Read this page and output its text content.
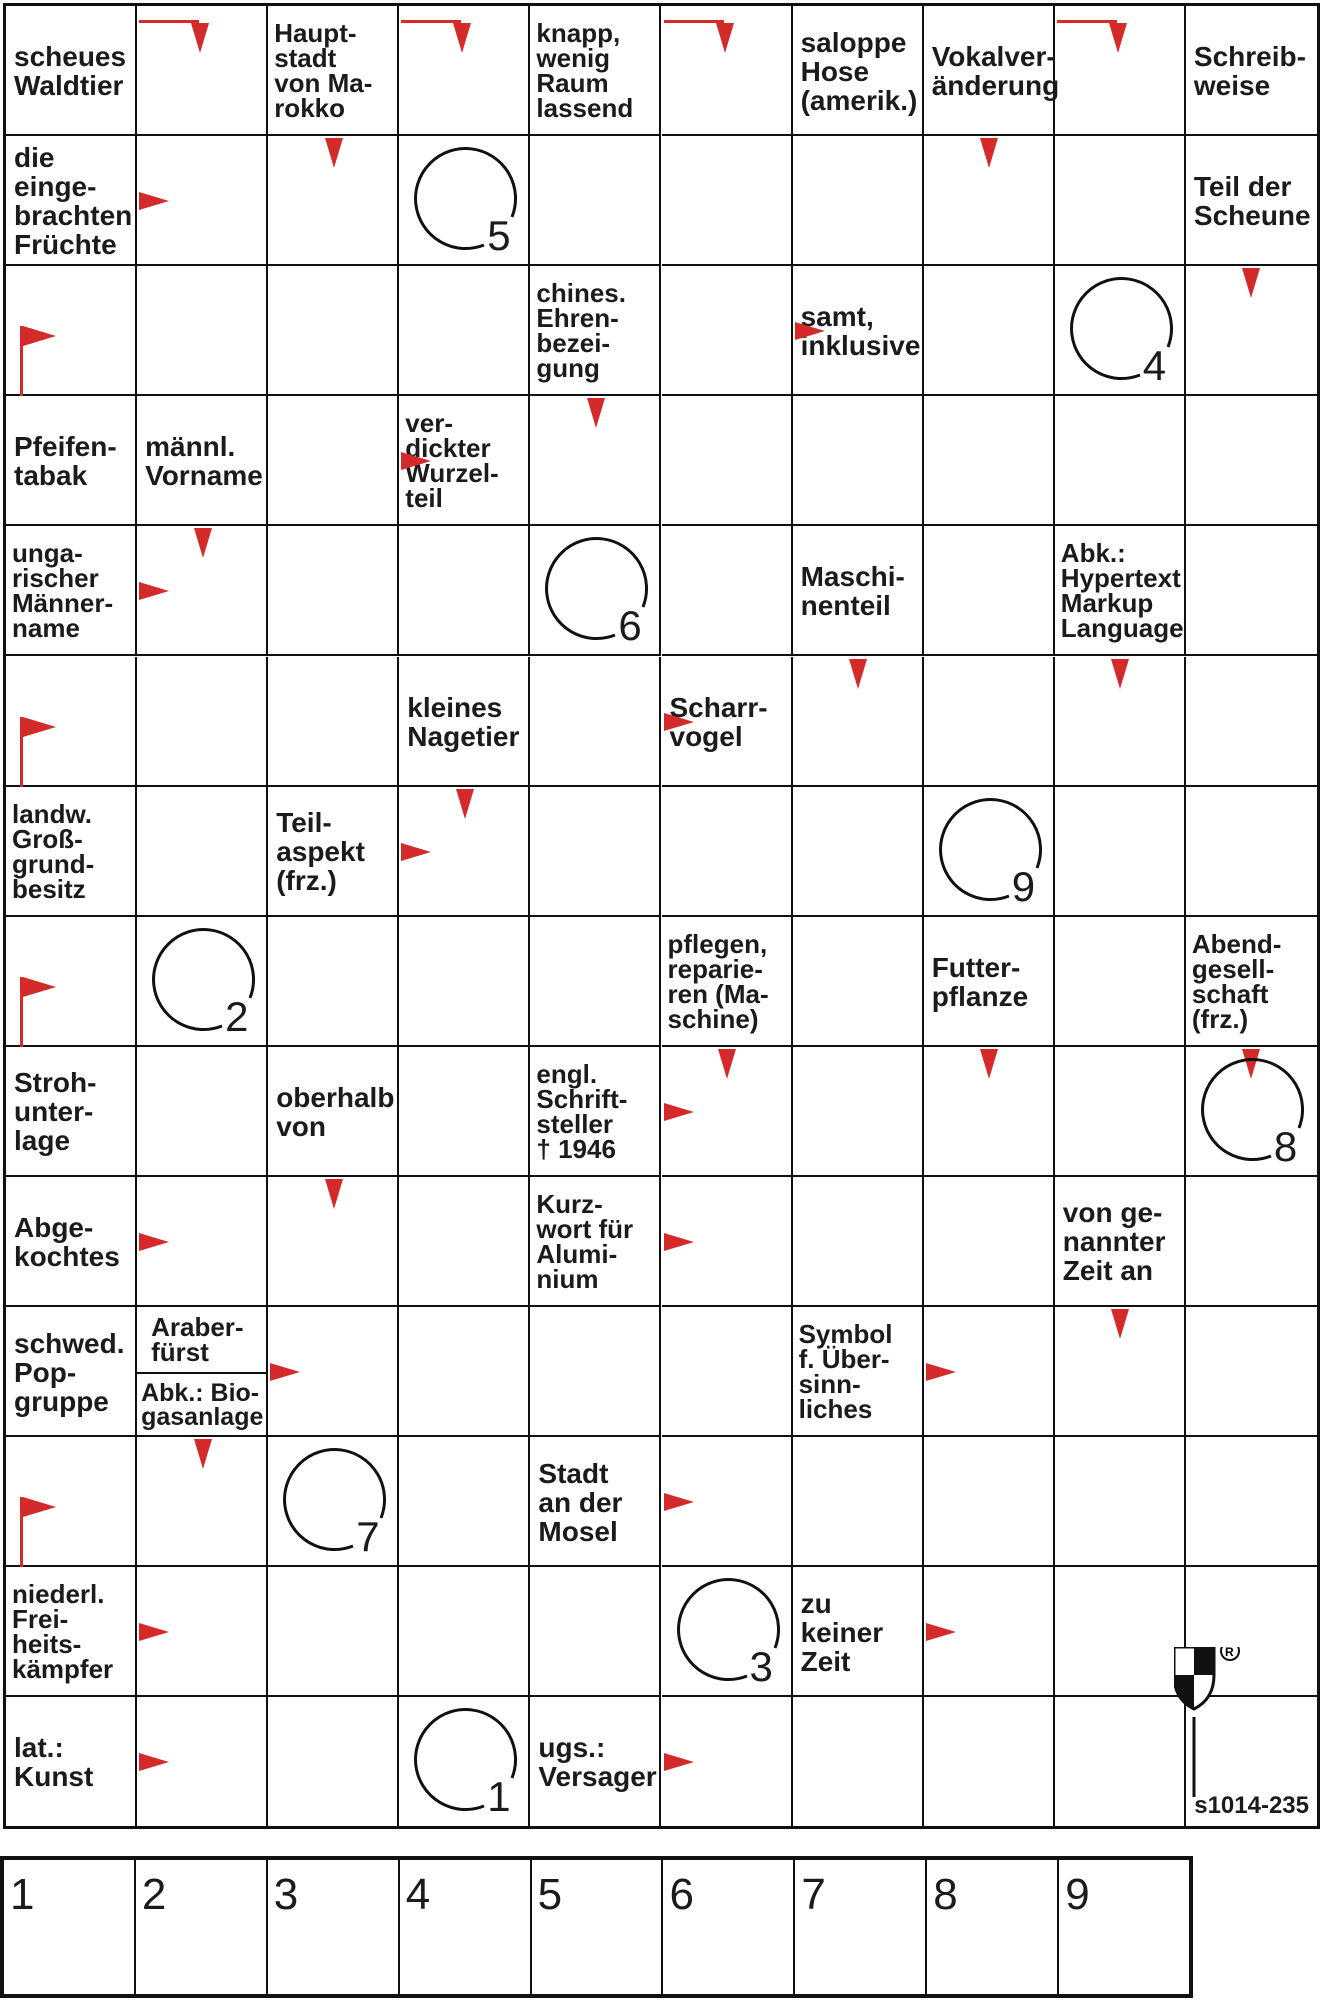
scheues
Waldtier
Haupt-
stadt
von Ma-
rokko
knapp,
wenig
Raum
lassend
saloppe
Hose
(amerik.)
Vokalver-
änderung
Schreib-
weise
die einge-
brachten
Früchte
Teil der
Scheune
chines.
Ehren-
bezei-
gung
samt,
inklusive
Pfeifen-
tabak
männl.
Vorname
ver-
dickter
Wurzel-
teil
unga-
rischer
Männer-
name
Maschi-
nenteil
Abk.:
Hypertext
Markup
Language
kleines
Nagetier
Scharr-
vogel
landw.
Groß-
grund-
besitz
Teil-
aspekt
(frz.)
pflegen,
reparie-
ren (Ma-
schine)
Futter-
pflanze
Abend-
gesell-
schaft
(frz.)
Stroh-
unter-
lage
oberhalb
von
engl.
Schrift-
steller
† 1946
Abge-
kochtes
Kurz-
wort für
Alumi-
nium
von ge-
nannter
Zeit an
schwed.
Pop-
gruppe
Symbol
f. Über-
sinn-
liches
Stadt
an der
Mosel
niederl.
Frei-
heits-
kämpfer
zu
keiner
Zeit
lat.:
Kunst
ugs.:
Versager
Araber-
fürst
Abk.: Bio-
gasanlage
5
4
6
9
2
8
7
3
1
R
s1014-235
1 2 3 4 5 6 7 8 9
